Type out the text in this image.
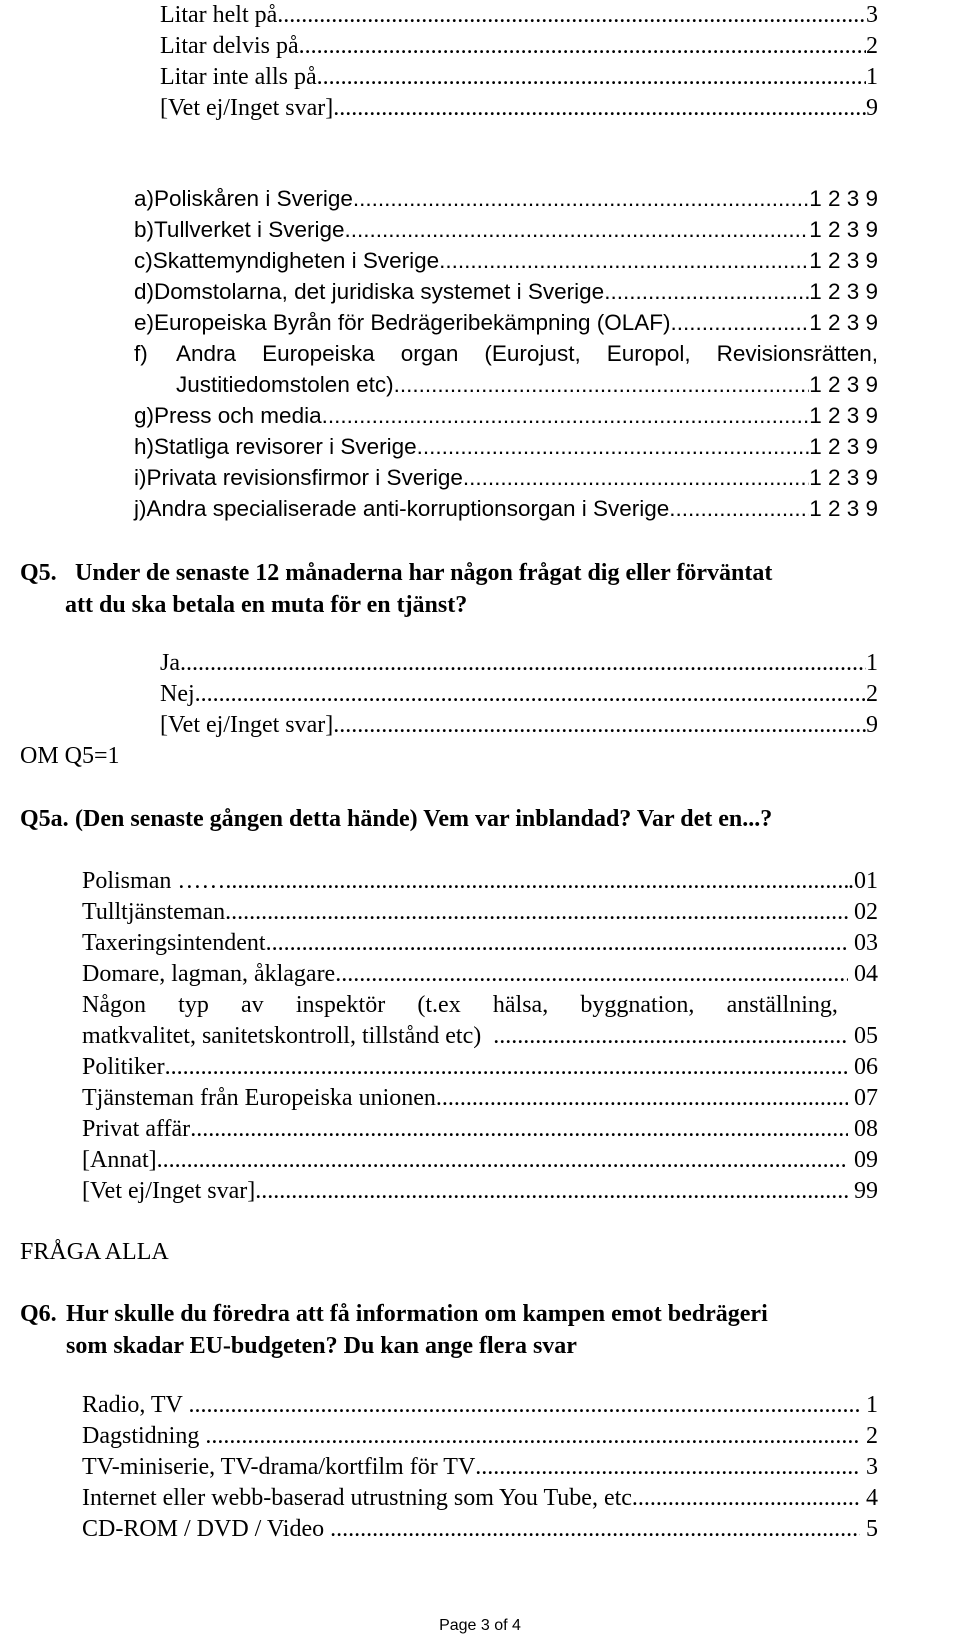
Litar helt på .....	3
Litar delvis på .....	2
Litar inte alls på .....	1
[Vet ej/Inget svar] .....	9
a) Poliskåren i Sverige .....	1 2 3 9
b) Tullverket i Sverige .....	1 2 3 9
c) Skattemyndigheten i Sverige .....	1 2 3 9
d) Domstolarna, det juridiska systemet i Sverige .....	1 2 3 9
e) Europeiska Byrån för Bedrägeribekämpning (OLAF) .....	1 2 3 9
f)	Andra Europeiska organ (Eurojust, Europol, Revisionsrätten,
Justitiedomstolen etc) .....	1 2 3 9
g) Press och media .....	1 2 3 9
h) Statliga revisorer i Sverige .....	1 2 3 9
i) Privata revisionsfirmor i Sverige .....	1 2 3 9
j) Andra specialiserade anti-korruptionsorgan i Sverige .....	1 2 3 9
Q5. Under de senaste 12 månaderna har någon frågat dig eller förväntat
att du ska betala en muta för en tjänst?
Ja .....	1
Nej .....	2
[Vet ej/Inget svar] .....	9
OM Q5=1
Q5a. (Den senaste gången detta hände) Vem var inblandad? Var det en...?
Polisman …… .....	.01
Tulltjänsteman .....	02
Taxeringsintendent .....	03
Domare, lagman, åklagare .....	04
Någon typ av inspektör (t.ex hälsa, byggnation, anställning,
matkvalitet, sanitetskontroll, tillstånd etc) .....	05
Politiker .....	06
Tjänsteman från Europeiska unionen .....	07
Privat affär .....	08
[Annat] .....	09
[Vet ej/Inget svar] .....	99
FRÅGA ALLA
Q6. Hur skulle du föredra att få information om kampen emot bedrägeri
som skadar EU-budgeten? Du kan ange flera svar
Radio, TV .....	1
Dagstidning .....	2
TV-miniserie, TV-drama/kortfilm för TV .....	3
Internet eller webb-baserad utrustning som You Tube, etc .....	4
CD-ROM / DVD / Video .....	5
Page 3 of 4
